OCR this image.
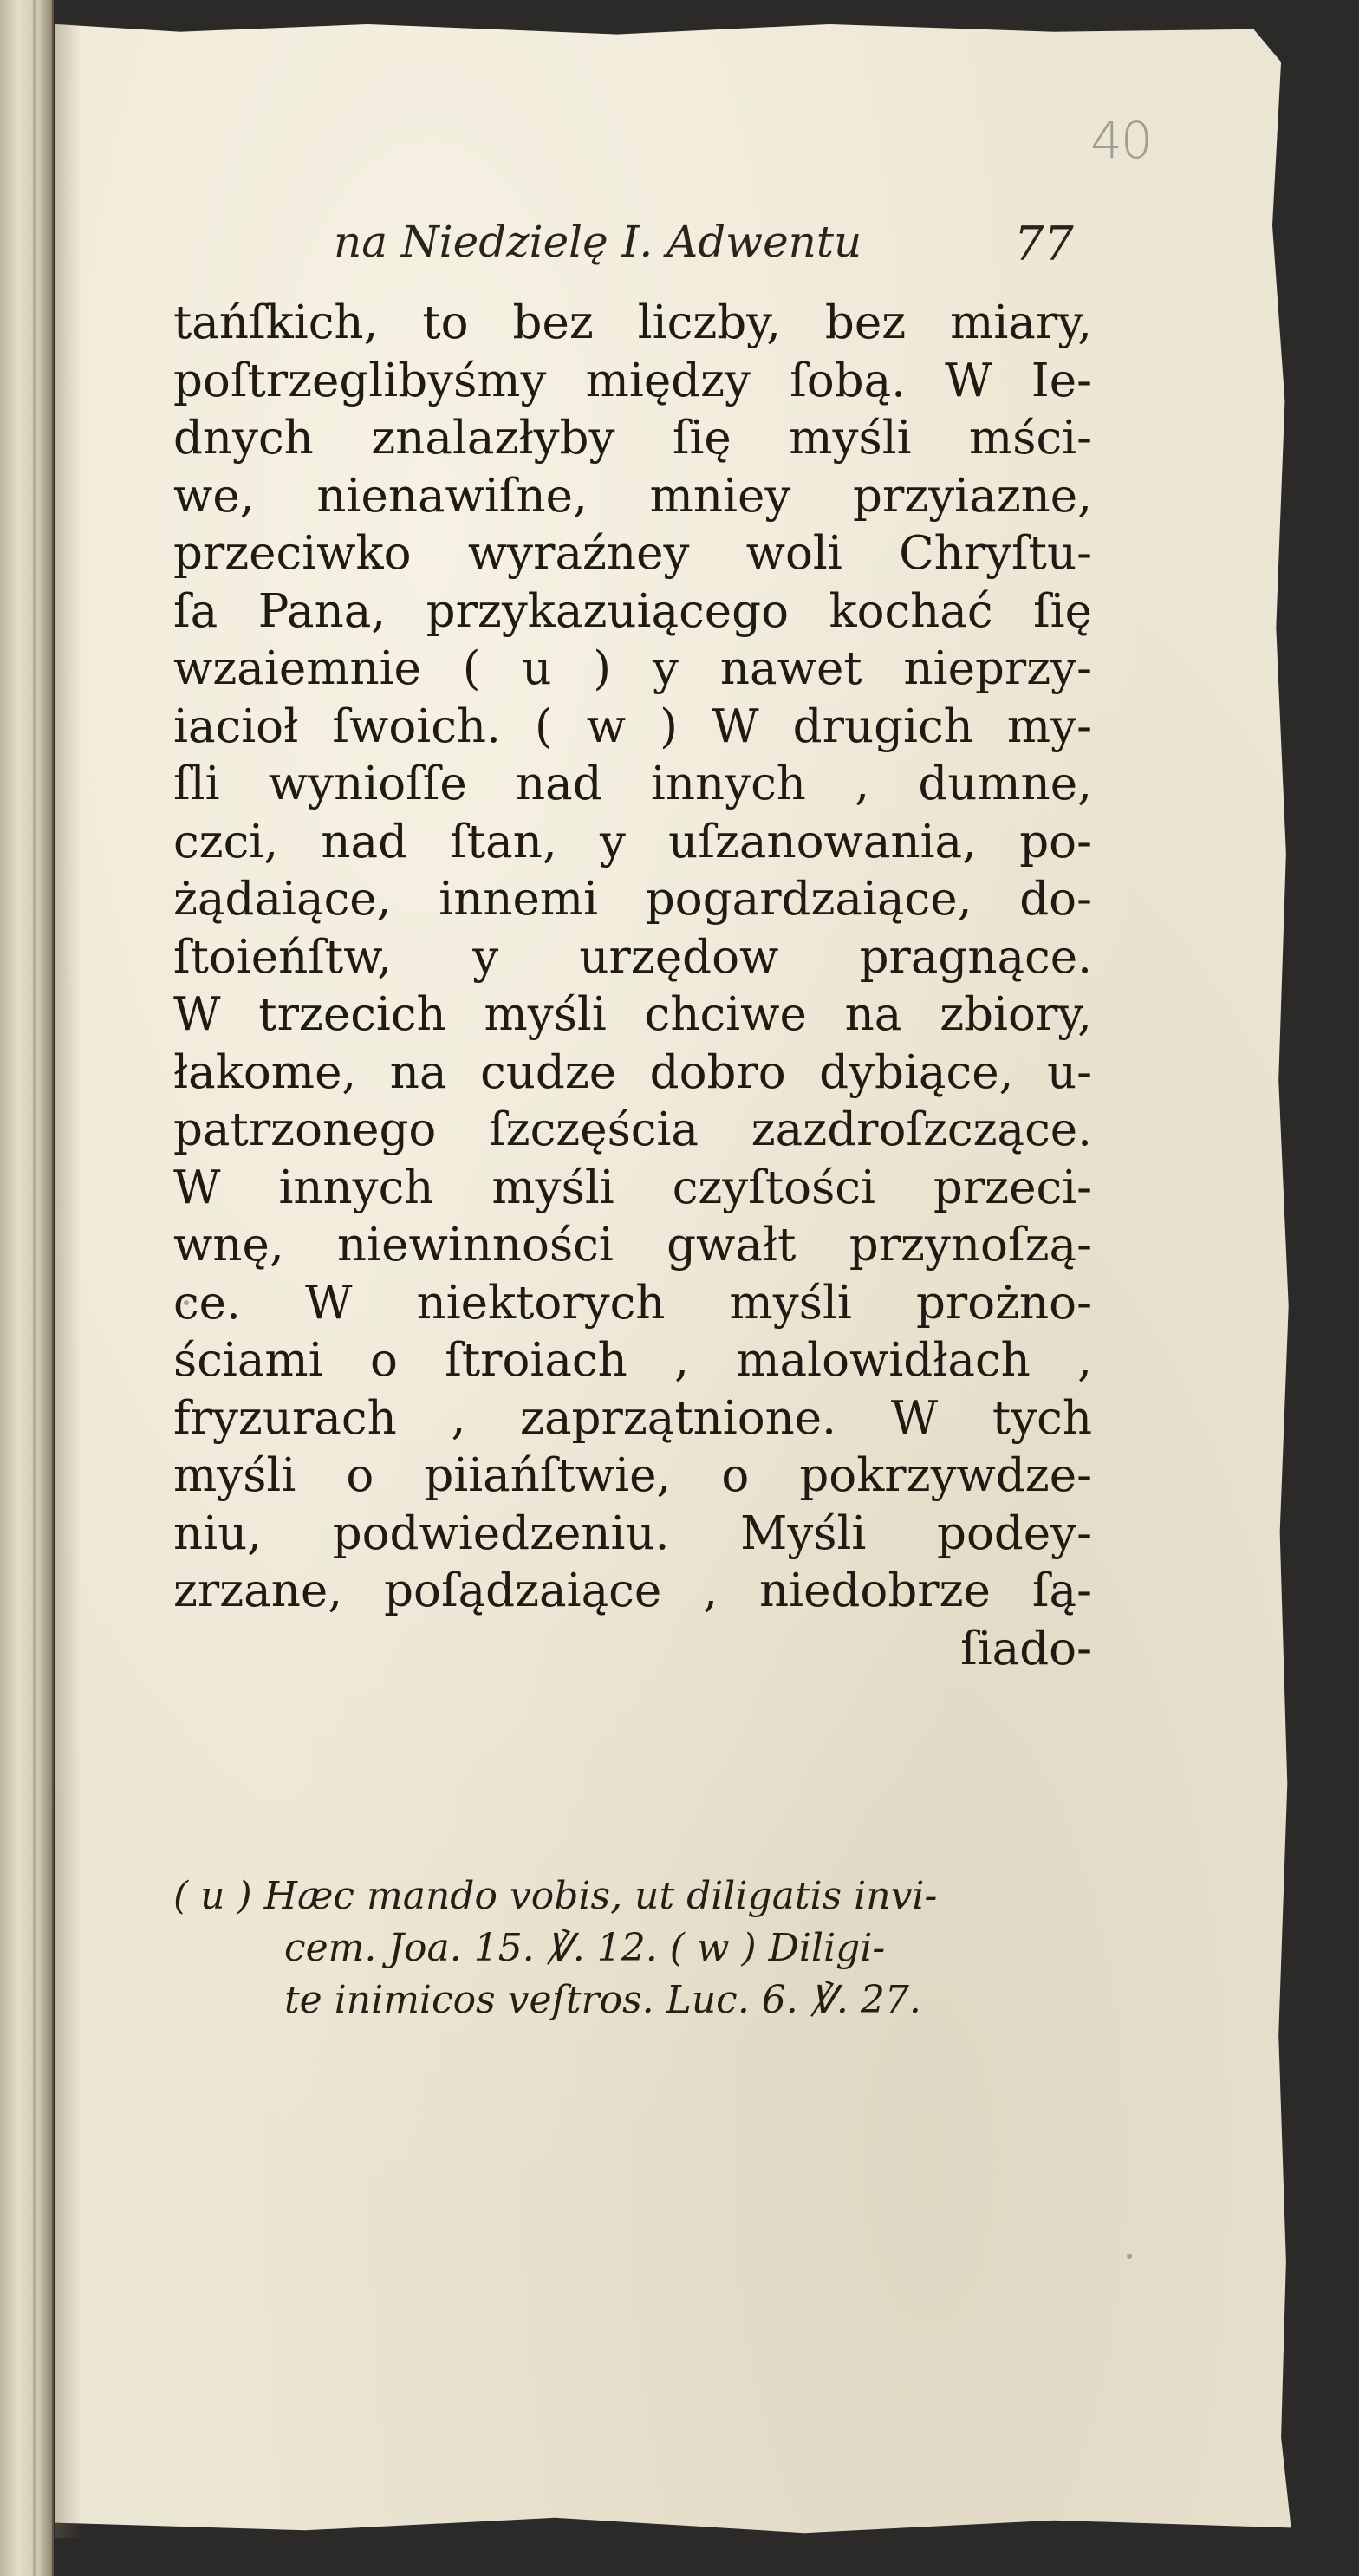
40
na Niedzielę I. Adwentu	77
tańſkich, to bez liczby, bez miary,
poſtrzeglibyśmy między ſobą. W Ie-
dnych znalazłyby ſię myśli mści-
we, nienawiſne, mniey przyiazne,
przeciwko wyraźney woli Chryſtu-
ſa Pana, przykazuiącego kochać ſię
wzaiemnie ( u ) y nawet nieprzy-
iacioł ſwoich. ( w ) W drugich my-
ſli wynioſſe nad innych , dumne,
czci, nad ſtan, y uſzanowania, po-
żądaiące, innemi pogardzaiące, do-
ſtoieńſtw, y urzędow pragnące.
W trzecich myśli chciwe na zbiory,
łakome, na cudze dobro dybiące, u-
patrzonego ſzczęścia zazdroſzczące.
W innych myśli czyſtości przeci-
wnę, niewinności gwałt przynoſzą-
ce. W niektorych myśli prożno-
ściami o ſtroiach , malowidłach ,
fryzurach , zaprzątnione. W tych
myśli o piiańſtwie, o pokrzywdze-
niu, podwiedzeniu. Myśli podey-
zrzane, poſądzaiące , niedobrze ſą-
ſiado-
( u ) Hæc mando vobis, ut diligatis invi-
cem. Joa. 15. ℣. 12. ( w ) Diligi-
te inimicos veſtros. Luc. 6. ℣. 27.
